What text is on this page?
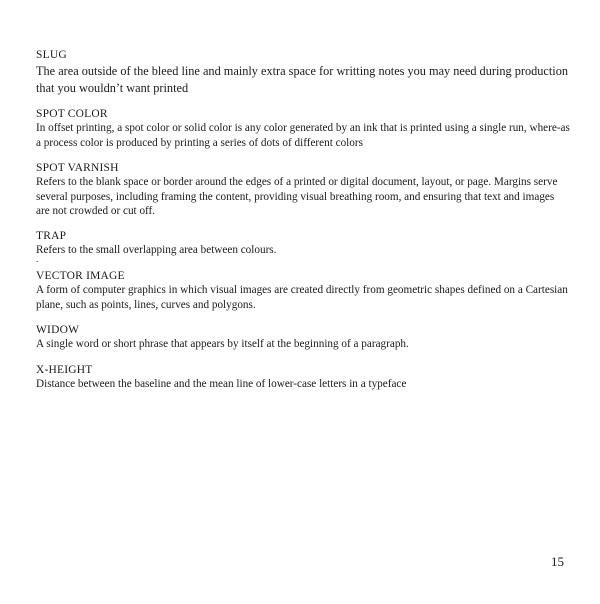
SLUG

The area outside of the bleed line and mainly extra space for writting notes you may need during production that you wouldn’t want printed

SPOT COLOR

In offset printing, a spot color or solid color is any color generated by an ink that is printed using a single run, where-as a process color is produced by printing a series of dots of different colors

SPOT VARNISH

Refers to the blank space or border around the edges of a printed or digital document, layout, or page. Margins serve several purposes, including framing the content, providing visual breathing room, and ensuring that text and images are not crowded or cut off.

TRAP

Refers to the small overlapping area between colours.

.

VECTOR IMAGE

A form of computer graphics in which visual images are created directly from geometric shapes defined on a Cartesian plane, such as points, lines, curves and polygons.

WIDOW

A single word or short phrase that appears by itself at the beginning of a paragraph.

X-HEIGHT

Distance between the baseline and the mean line of lower-case letters in a typeface

15
